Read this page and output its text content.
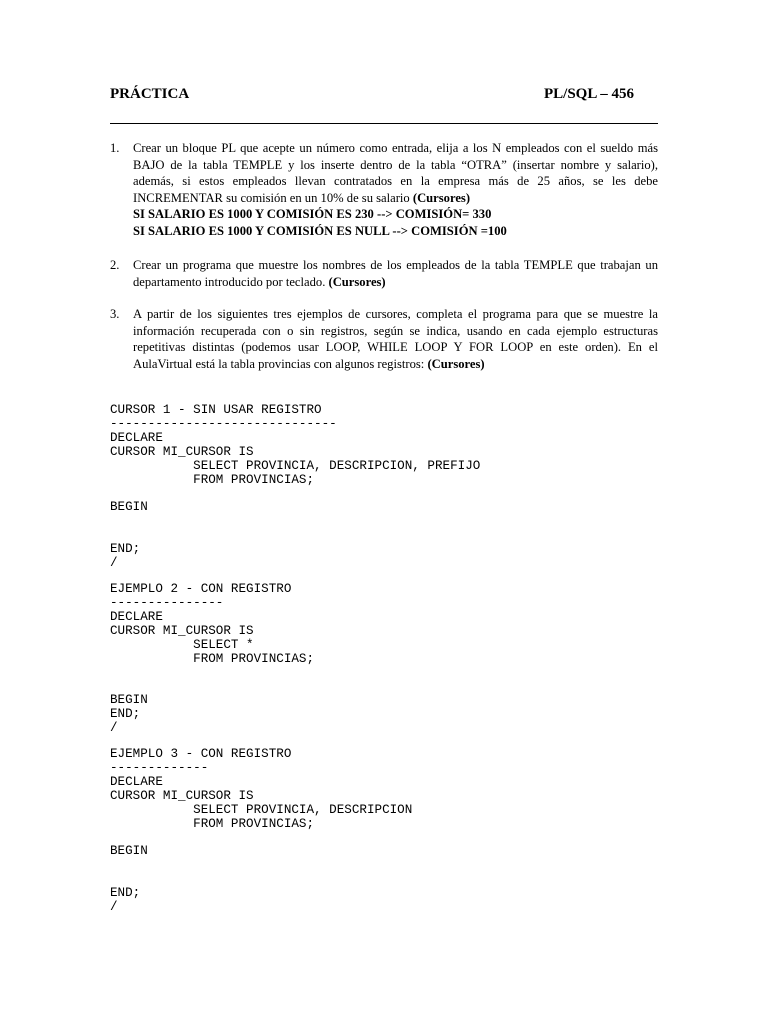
PRÁCTICA	PL/SQL – 456
1. Crear un bloque PL que acepte un número como entrada, elija a los N empleados con el sueldo más BAJO de la tabla TEMPLE y los inserte dentro de la tabla “OTRA” (insertar nombre y salario), además, si estos empleados llevan contratados en la empresa más de 25 años, se les debe INCREMENTAR su comisión en un 10% de su salario (Cursores)
SI SALARIO ES 1000 Y COMISIÓN ES 230 --> COMISIÓN= 330
SI SALARIO ES 1000 Y COMISIÓN ES NULL --> COMISIÓN =100
2. Crear un programa que muestre los nombres de los empleados de la tabla TEMPLE que trabajan un departamento introducido por teclado. (Cursores)
3. A partir de los siguientes tres ejemplos de cursores, completa el programa para que se muestre la información recuperada con o sin registros, según se indica, usando en cada ejemplo estructuras repetitivas distintas (podemos usar LOOP, WHILE LOOP Y FOR LOOP en este orden). En el AulaVirtual está la tabla provincias con algunos registros: (Cursores)
CURSOR 1 - SIN USAR REGISTRO
------------------------------
DECLARE
CURSOR MI_CURSOR IS
SELECT PROVINCIA, DESCRIPCION, PREFIJO
FROM PROVINCIAS;

BEGIN

END;
/
EJEMPLO 2 - CON REGISTRO
---------------
DECLARE
CURSOR MI_CURSOR IS
SELECT *
FROM PROVINCIAS;

BEGIN
END;
/
EJEMPLO 3 - CON REGISTRO
-------------
DECLARE
CURSOR MI_CURSOR IS
SELECT PROVINCIA, DESCRIPCION
FROM PROVINCIAS;

BEGIN

END;
/
